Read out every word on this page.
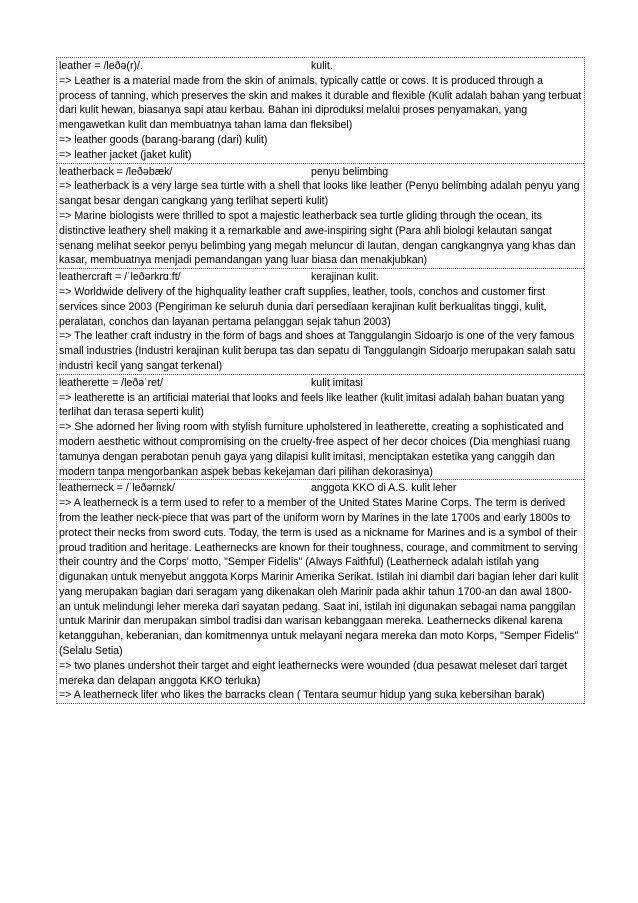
leather = /leðə(r)/.	kulit.

=> Leather is a material made from the skin of animals, typically cattle or cows. It is produced through a process of tanning, which preserves the skin and makes it durable and flexible (Kulit adalah bahan yang terbuat dari kulit hewan, biasanya sapi atau kerbau. Bahan ini diproduksi melalui proses penyamakan, yang mengawetkan kulit dan membuatnya tahan lama dan fleksibel)

=> leather goods (barang-barang (dari) kulit)

=> leather jacket (jaket kulit)

leatherback = /leðəbæk/	penyu belimbing

=> leatherback is a very large sea turtle with a shell that looks like leather (Penyu belimbing adalah penyu yang sangat besar dengan cangkang yang terlihat seperti kulit)

=> Marine biologists were thrilled to spot a majestic leatherback sea turtle gliding through the ocean, its distinctive leathery shell making it a remarkable and awe-inspiring sight (Para ahli biologi kelautan sangat senang melihat seekor penyu belimbing yang megah meluncur di lautan, dengan cangkangnya yang khas dan kasar, membuatnya menjadi pemandangan yang luar biasa dan menakjubkan)

leathercraft = /ˈleðərkrɑːft/	kerajinan kulit.

=> Worldwide delivery of the highquality leather craft supplies, leather, tools, conchos and customer first services since 2003 (Pengiriman ke seluruh dunia dari persediaan kerajinan kulit berkualitas tinggi, kulit, peralatan, conchos dan layanan pertama pelanggan sejak tahun 2003)

=> The leather craft industry in the form of bags and shoes at Tanggulangin Sidoarjo is one of the very famous small industries (Industri kerajinan kulit berupa tas dan sepatu di Tanggulangin Sidoarjo merupakan salah satu industri kecil yang sangat terkenal)

leatherette = /leðəˈret/	kulit imitasi

=> leatherette is an artificial material that looks and feels like leather (kulit imitasi adalah bahan buatan yang terlihat dan terasa seperti kulit)

=> She adorned her living room with stylish furniture upholstered in leatherette, creating a sophisticated and modern aesthetic without compromising on the cruelty-free aspect of her decor choices (Dia menghiasi ruang tamunya dengan perabotan penuh gaya yang dilapisi kulit imitasi, menciptakan estetika yang canggih dan modern tanpa mengorbankan aspek bebas kekejaman dari pilihan dekorasinya)

leatherneck = /ˈleðərnɛk/	anggota KKO di A.S. kulit leher

=> A leatherneck is a term used to refer to a member of the United States Marine Corps. The term is derived from the leather neck-piece that was part of the uniform worn by Marines in the late 1700s and early 1800s to protect their necks from sword cuts. Today, the term is used as a nickname for Marines and is a symbol of their proud tradition and heritage. Leathernecks are known for their toughness, courage, and commitment to serving their country and the Corps' motto, "Semper Fidelis" (Always Faithful) (Leatherneck adalah istilah yang digunakan untuk menyebut anggota Korps Marinir Amerika Serikat. Istilah ini diambil dari bagian leher dari kulit yang merupakan bagian dari seragam yang dikenakan oleh Marinir pada akhir tahun 1700-an dan awal 1800-an untuk melindungi leher mereka dari sayatan pedang. Saat ini, istilah ini digunakan sebagai nama panggilan untuk Marinir dan merupakan simbol tradisi dan warisan kebanggaan mereka. Leathernecks dikenal karena ketangguhan, keberanian, dan komitmennya untuk melayani negara mereka dan moto Korps, "Semper Fidelis" (Selalu Setia)

=> two planes undershot their target and eight leathernecks were wounded (dua pesawat meleset dari target mereka dan delapan anggota KKO terluka)

=> A leatherneck lifer who likes the barracks clean ( Tentara seumur hidup yang suka kebersihan barak)
